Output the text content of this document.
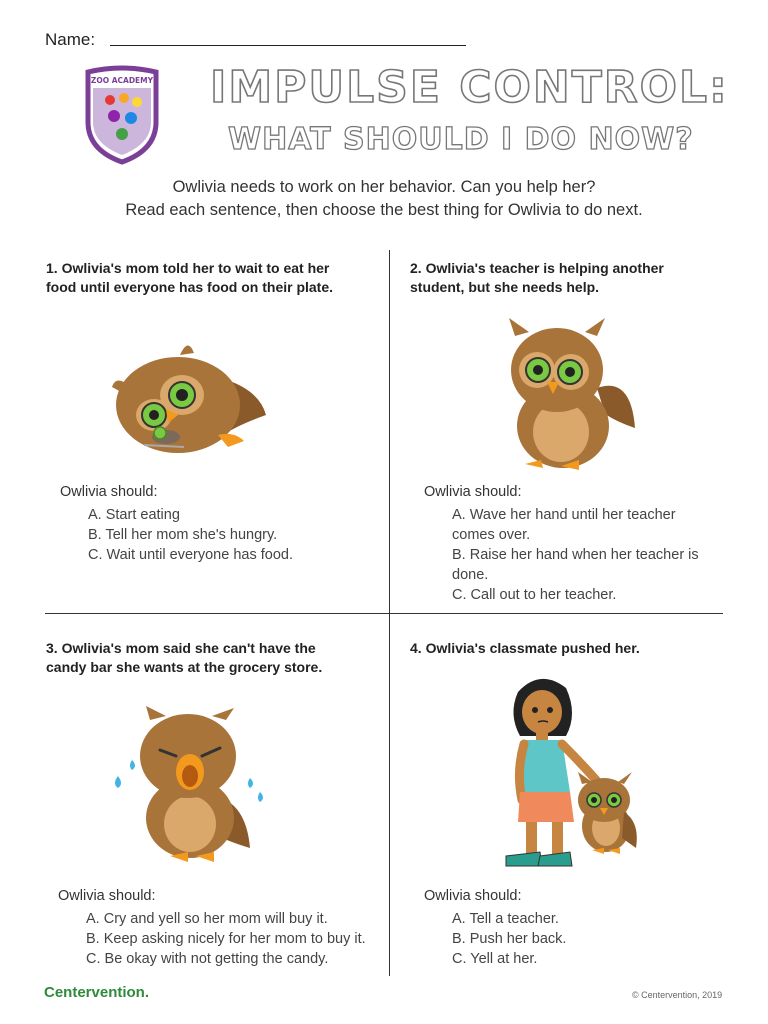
Name:
ZOO ACADEMY IMPULSE CONTROL:
WHAT SHOULD I DO NOW?
Owlivia needs to work on her behavior. Can you help her?
Read each sentence, then choose the best thing for Owlivia to do next.
1. Owlivia's mom told her to wait to eat her
food until everyone has food on their plate.
Owlivia should:
A. Start eating
B. Tell her mom she's hungry.
C. Wait until everyone has food.
2. Owlivia's teacher is helping another
student, but she needs help.
Owlivia should:
A. Wave her hand until her teacher
comes over.
B. Raise her hand when her teacher is
done.
C. Call out to her teacher.
3. Owlivia's mom said she can't have the
candy bar she wants at the grocery store.
Owlivia should:
A. Cry and yell so her mom will buy it.
B. Keep asking nicely for her mom to buy it.
C. Be okay with not getting the candy.
4. Owlivia's classmate pushed her.
Owlivia should:
A. Tell a teacher.
B. Push her back.
C. Yell at her.
Centervention.	© Centervention, 2019
